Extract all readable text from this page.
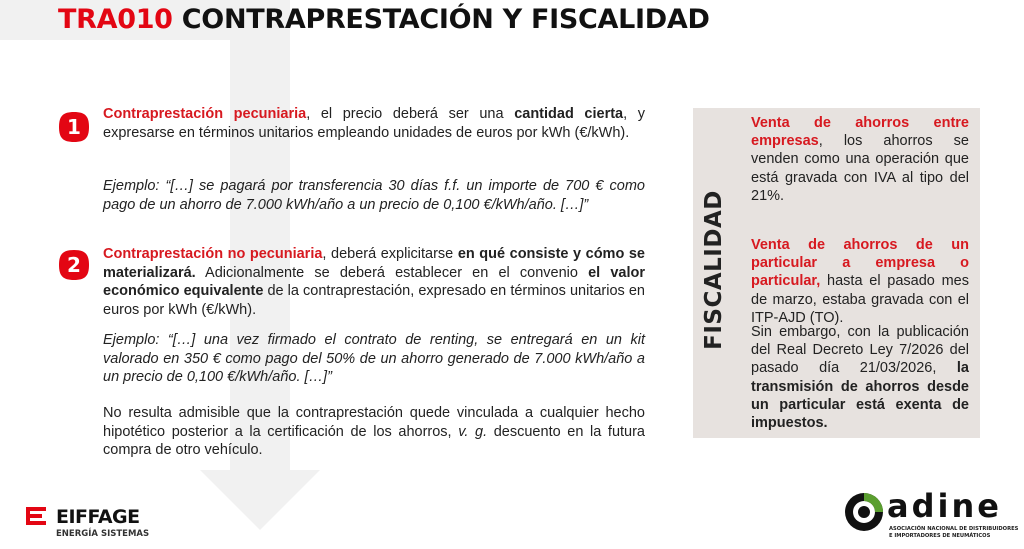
TRA010 CONTRAPRESTACIÓN Y FISCALIDAD
1

Contraprestación pecuniaria, el precio deberá ser una cantidad cierta, y expresarse en términos unitarios empleando unidades de euros por kWh (€/kWh).

Ejemplo: “[…] se pagará por transferencia 30 días f.f. un importe de 700 € como pago de un ahorro de 7.000 kWh/año a un precio de 0,100 €/kWh/año. […]”

2 Contraprestación no pecuniaria, deberá explicitarse en qué consiste y cómo se materializará. Adicionalmente se deberá establecer en el convenio el valor económico equivalente de la contraprestación, expresado en términos unitarios en euros por kWh (€/kWh).

Ejemplo: “[…] una vez firmado el contrato de renting, se entregará en un kit valorado en 350 € como pago del 50% de un ahorro generado de 7.000 kWh/año a un precio de 0,100 €/kWh/año. […]”

No resulta admisible que la contraprestación quede vinculada a cualquier hecho hipotético posterior a la certificación de los ahorros, v. g. descuento en la futura compra de otro vehículo.

FISCALIDAD

Venta de ahorros entre empresas, los ahorros se venden como una operación que está gravada con IVA al tipo del 21%.

Venta de ahorros de un particular a empresa o particular, hasta el pasado mes de marzo, estaba gravada con el ITP-AJD (TO).

Sin embargo, con la publicación del Real Decreto Ley 7/2026 del pasado día 21/03/2026, la transmisión de ahorros desde un particular está exenta de impuestos.

EIFFAGE
ENERGÍA SISTEMAS
adine
ASOCIACIÓN NACIONAL DE DISTRIBUIDORES
E IMPORTADORES DE NEUMÁTICOS
